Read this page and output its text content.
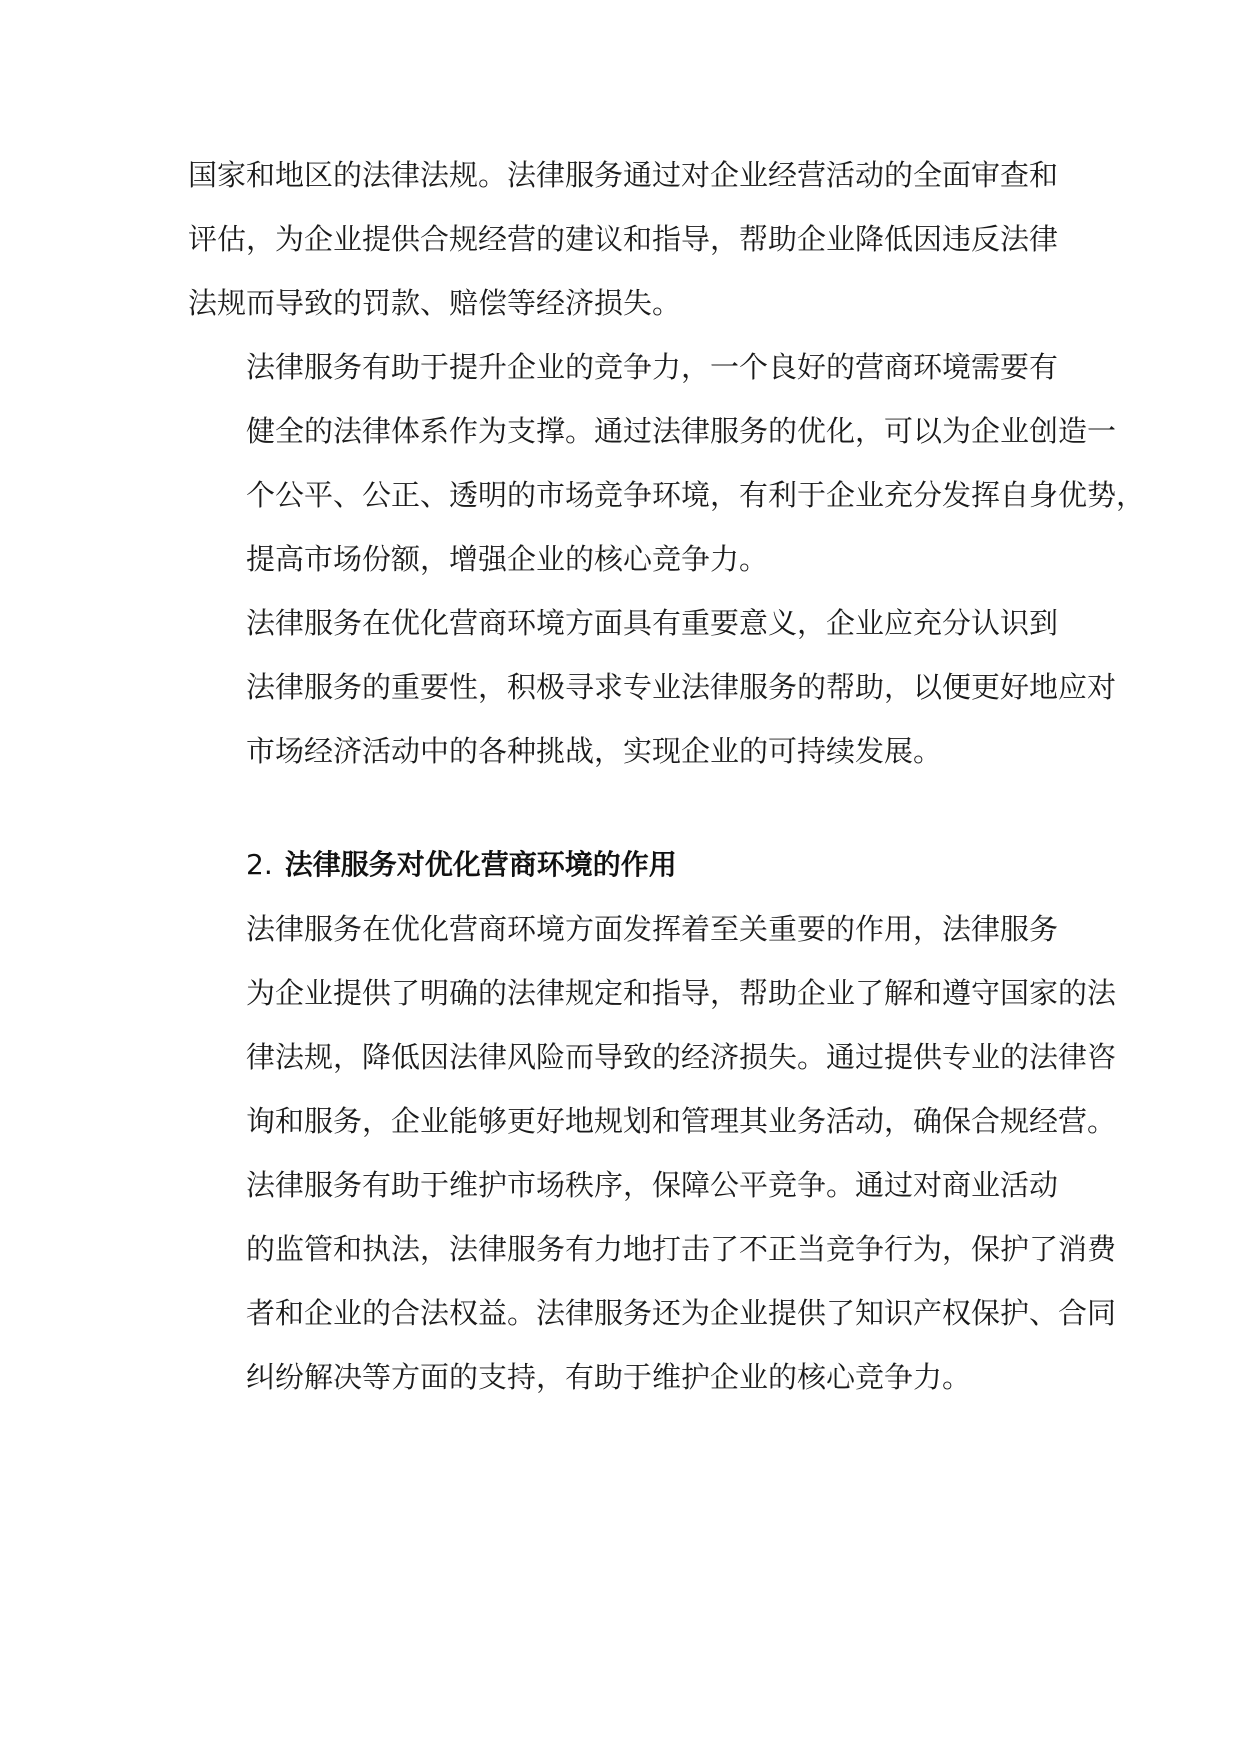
国家和地区的法律法规。法律服务通过对企业经营活动的全面审查和
评估，为企业提供合规经营的建议和指导，帮助企业降低因违反法律
法规而导致的罚款、赔偿等经济损失。
法律服务有助于提升企业的竞争力，一个良好的营商环境需要有
健全的法律体系作为支撑。通过法律服务的优化，可以为企业创造一
个公平、公正、透明的市场竞争环境，有利于企业充分发挥自身优势，
提高市场份额，增强企业的核心竞争力。
法律服务在优化营商环境方面具有重要意义，企业应充分认识到
法律服务的重要性，积极寻求专业法律服务的帮助，以便更好地应对
市场经济活动中的各种挑战，实现企业的可持续发展。
2. 法律服务对优化营商环境的作用
法律服务在优化营商环境方面发挥着至关重要的作用，法律服务
为企业提供了明确的法律规定和指导，帮助企业了解和遵守国家的法
律法规，降低因法律风险而导致的经济损失。通过提供专业的法律咨
询和服务，企业能够更好地规划和管理其业务活动，确保合规经营。
法律服务有助于维护市场秩序，保障公平竞争。通过对商业活动
的监管和执法，法律服务有力地打击了不正当竞争行为，保护了消费
者和企业的合法权益。法律服务还为企业提供了知识产权保护、合同
纠纷解决等方面的支持，有助于维护企业的核心竞争力。
